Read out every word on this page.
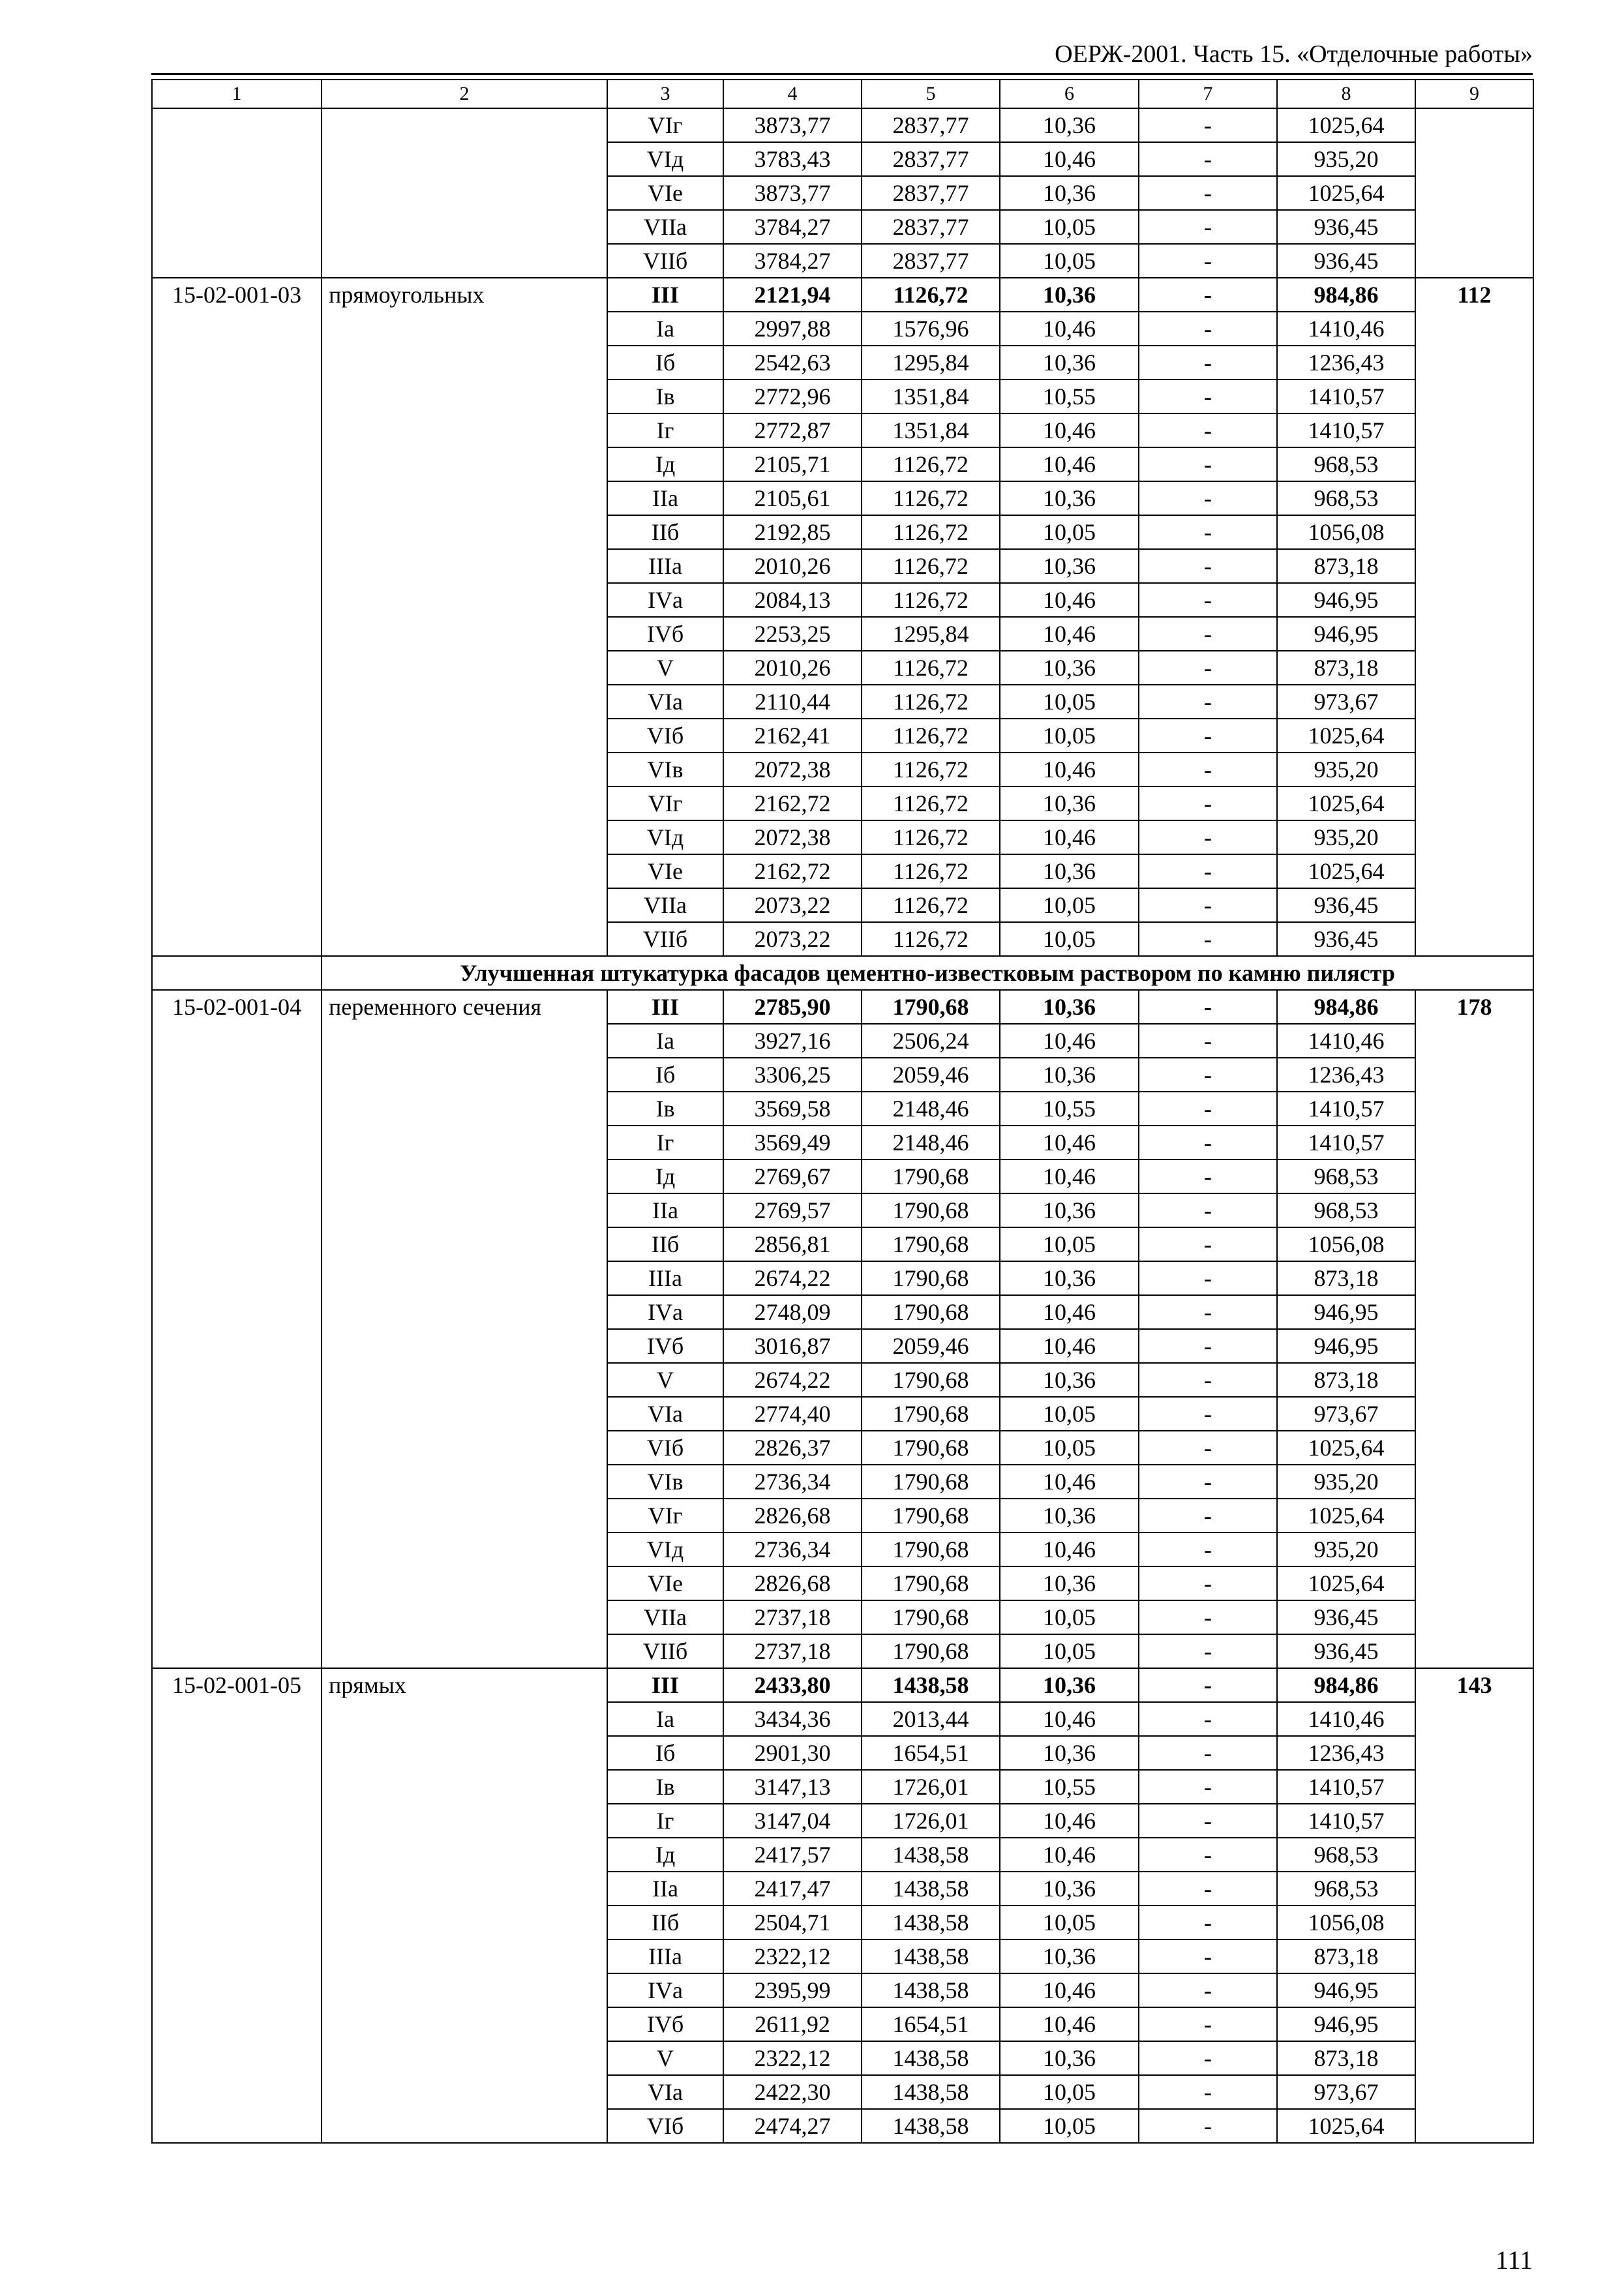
ОЕРЖ-2001. Часть 15. «Отделочные работы»
1	2	3	4	5	6	7	8	9
		VIг	3873,77	2837,77	10,36	-	1025,64	
		VIд	3783,43	2837,77	10,46	-	935,20	
		VIе	3873,77	2837,77	10,36	-	1025,64	
		VIIа	3784,27	2837,77	10,05	-	936,45	
		VIIб	3784,27	2837,77	10,05	-	936,45	
15-02-001-03	прямоугольных	III	2121,94	1126,72	10,36	-	984,86	112
		Iа	2997,88	1576,96	10,46	-	1410,46	
		Iб	2542,63	1295,84	10,36	-	1236,43	
		Iв	2772,96	1351,84	10,55	-	1410,57	
		Iг	2772,87	1351,84	10,46	-	1410,57	
		Iд	2105,71	1126,72	10,46	-	968,53	
		IIа	2105,61	1126,72	10,36	-	968,53	
		IIб	2192,85	1126,72	10,05	-	1056,08	
		IIIа	2010,26	1126,72	10,36	-	873,18	
		IVа	2084,13	1126,72	10,46	-	946,95	
		IVб	2253,25	1295,84	10,46	-	946,95	
		V	2010,26	1126,72	10,36	-	873,18	
		VIа	2110,44	1126,72	10,05	-	973,67	
		VIб	2162,41	1126,72	10,05	-	1025,64	
		VIв	2072,38	1126,72	10,46	-	935,20	
		VIг	2162,72	1126,72	10,36	-	1025,64	
		VIд	2072,38	1126,72	10,46	-	935,20	
		VIе	2162,72	1126,72	10,36	-	1025,64	
		VIIа	2073,22	1126,72	10,05	-	936,45	
		VIIб	2073,22	1126,72	10,05	-	936,45	
	Улучшенная штукатурка фасадов цементно-известковым раствором по камню пилястр							
15-02-001-04	переменного сечения	III	2785,90	1790,68	10,36	-	984,86	178
		Iа	3927,16	2506,24	10,46	-	1410,46	
		Iб	3306,25	2059,46	10,36	-	1236,43	
		Iв	3569,58	2148,46	10,55	-	1410,57	
		Iг	3569,49	2148,46	10,46	-	1410,57	
		Iд	2769,67	1790,68	10,46	-	968,53	
		IIа	2769,57	1790,68	10,36	-	968,53	
		IIб	2856,81	1790,68	10,05	-	1056,08	
		IIIа	2674,22	1790,68	10,36	-	873,18	
		IVа	2748,09	1790,68	10,46	-	946,95	
		IVб	3016,87	2059,46	10,46	-	946,95	
		V	2674,22	1790,68	10,36	-	873,18	
		VIа	2774,40	1790,68	10,05	-	973,67	
		VIб	2826,37	1790,68	10,05	-	1025,64	
		VIв	2736,34	1790,68	10,46	-	935,20	
		VIг	2826,68	1790,68	10,36	-	1025,64	
		VIд	2736,34	1790,68	10,46	-	935,20	
		VIе	2826,68	1790,68	10,36	-	1025,64	
		VIIа	2737,18	1790,68	10,05	-	936,45	
		VIIб	2737,18	1790,68	10,05	-	936,45	
15-02-001-05	прямых	III	2433,80	1438,58	10,36	-	984,86	143
		Iа	3434,36	2013,44	10,46	-	1410,46	
		Iб	2901,30	1654,51	10,36	-	1236,43	
		Iв	3147,13	1726,01	10,55	-	1410,57	
		Iг	3147,04	1726,01	10,46	-	1410,57	
		Iд	2417,57	1438,58	10,46	-	968,53	
		IIа	2417,47	1438,58	10,36	-	968,53	
		IIб	2504,71	1438,58	10,05	-	1056,08	
		IIIа	2322,12	1438,58	10,36	-	873,18	
		IVа	2395,99	1438,58	10,46	-	946,95	
		IVб	2611,92	1654,51	10,46	-	946,95	
		V	2322,12	1438,58	10,36	-	873,18	
		VIа	2422,30	1438,58	10,05	-	973,67	
		VIб	2474,27	1438,58	10,05	-	1025,64	
111
